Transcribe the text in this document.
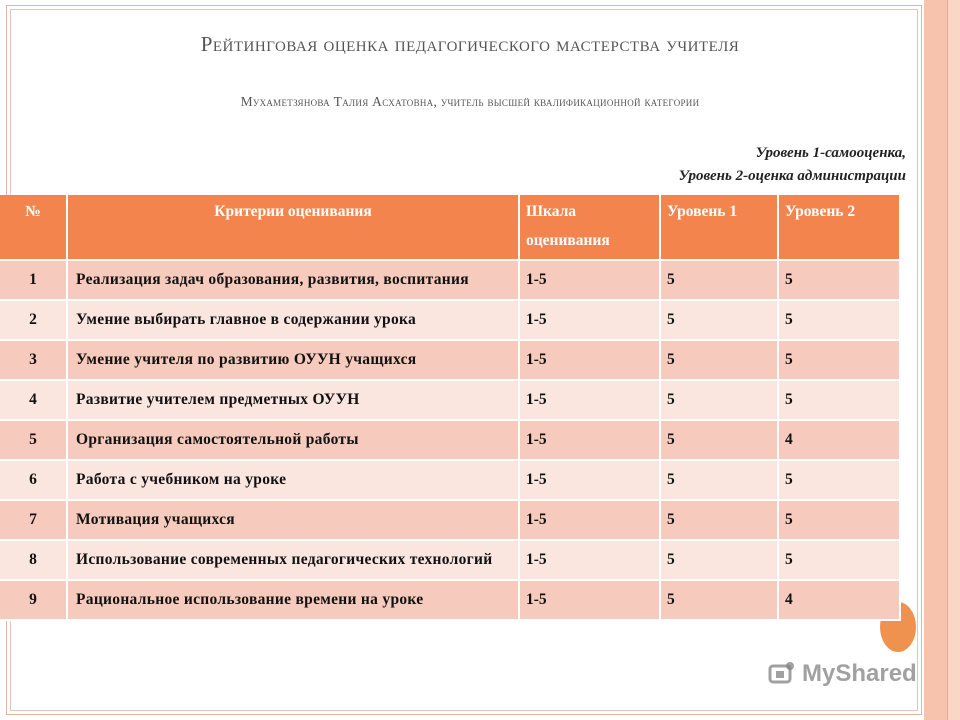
Рейтинговая оценка педагогического мастерства учителя
Мухаметзянова Талия Асхатовна, учитель высшей квалификационной категории
Уровень 1-самооценка,
Уровень 2-оценка администрации
№	Критерии оценивания	Шкала оценивания	Уровень 1	Уровень 2
1	Реализация задач образования, развития, воспитания	1-5	5	5
2	Умение выбирать главное в содержании урока	1-5	5	5
3	Умение учителя по развитию ОУУН учащихся	1-5	5	5
4	Развитие учителем предметных ОУУН	1-5	5	5
5	Организация самостоятельной работы	1-5	5	4
6	Работа с учебником на уроке	1-5	5	5
7	Мотивация учащихся	1-5	5	5
8	Использование современных педагогических технологий	1-5	5	5
9	Рациональное использование времени на уроке	1-5	5	4
MyShared
